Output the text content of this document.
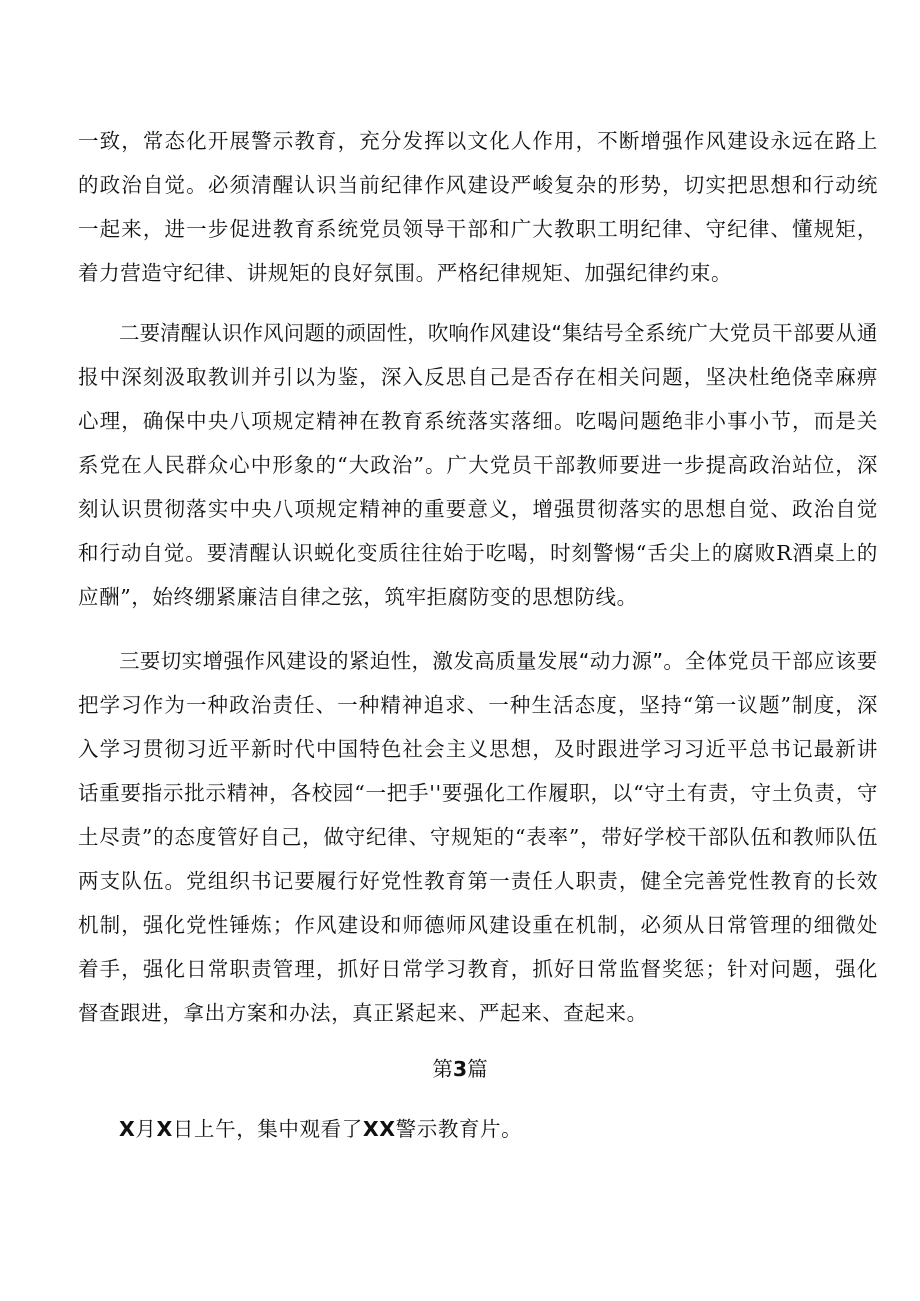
一致，常态化开展警示教育，充分发挥以文化人作用，不断增强作风建设永远在路上的政治自觉。必须清醒认识当前纪律作风建设严峻复杂的形势，切实把思想和行动统一起来，进一步促进教育系统党员领导干部和广大教职工明纪律、守纪律、懂规矩，着力营造守纪律、讲规矩的良好氛围。严格纪律规矩、加强纪律约束。

二要清醒认识作风问题的顽固性，吹响作风建设“集结号全系统广大党员干部要从通报中深刻汲取教训并引以为鉴，深入反思自己是否存在相关问题，坚决杜绝侥幸麻痹心理，确保中央八项规定精神在教育系统落实落细。吃喝问题绝非小事小节，而是关系党在人民群众心中形象的“大政治”。广大党员干部教师要进一步提高政治站位，深刻认识贯彻落实中央八项规定精神的重要意义，增强贯彻落实的思想自觉、政治自觉和行动自觉。要清醒认识蜕化变质往往始于吃喝，时刻警惕“舌尖上的腐败R酒桌上的应酬”，始终绷紧廉洁自律之弦，筑牢拒腐防变的思想防线。

三要切实增强作风建设的紧迫性，激发高质量发展“动力源”。全体党员干部应该要把学习作为一种政治责任、一种精神追求、一种生活态度，坚持“第一议题”制度，深入学习贯彻习近平新时代中国特色社会主义思想，及时跟进学习习近平总书记最新讲话重要指示批示精神，各校园“一把手''要强化工作履职，以“守土有责，守土负责，守土尽责”的态度管好自己，做守纪律、守规矩的“表率”，带好学校干部队伍和教师队伍两支队伍。党组织书记要履行好党性教育第一责任人职责，健全完善党性教育的长效机制，强化党性锤炼；作风建设和师德师风建设重在机制，必须从日常管理的细微处着手，强化日常职责管理，抓好日常学习教育，抓好日常监督奖惩；针对问题，强化督查跟进，拿出方案和办法，真正紧起来、严起来、查起来。

第3篇

X月X日上午，集中观看了XX警示教育片。
